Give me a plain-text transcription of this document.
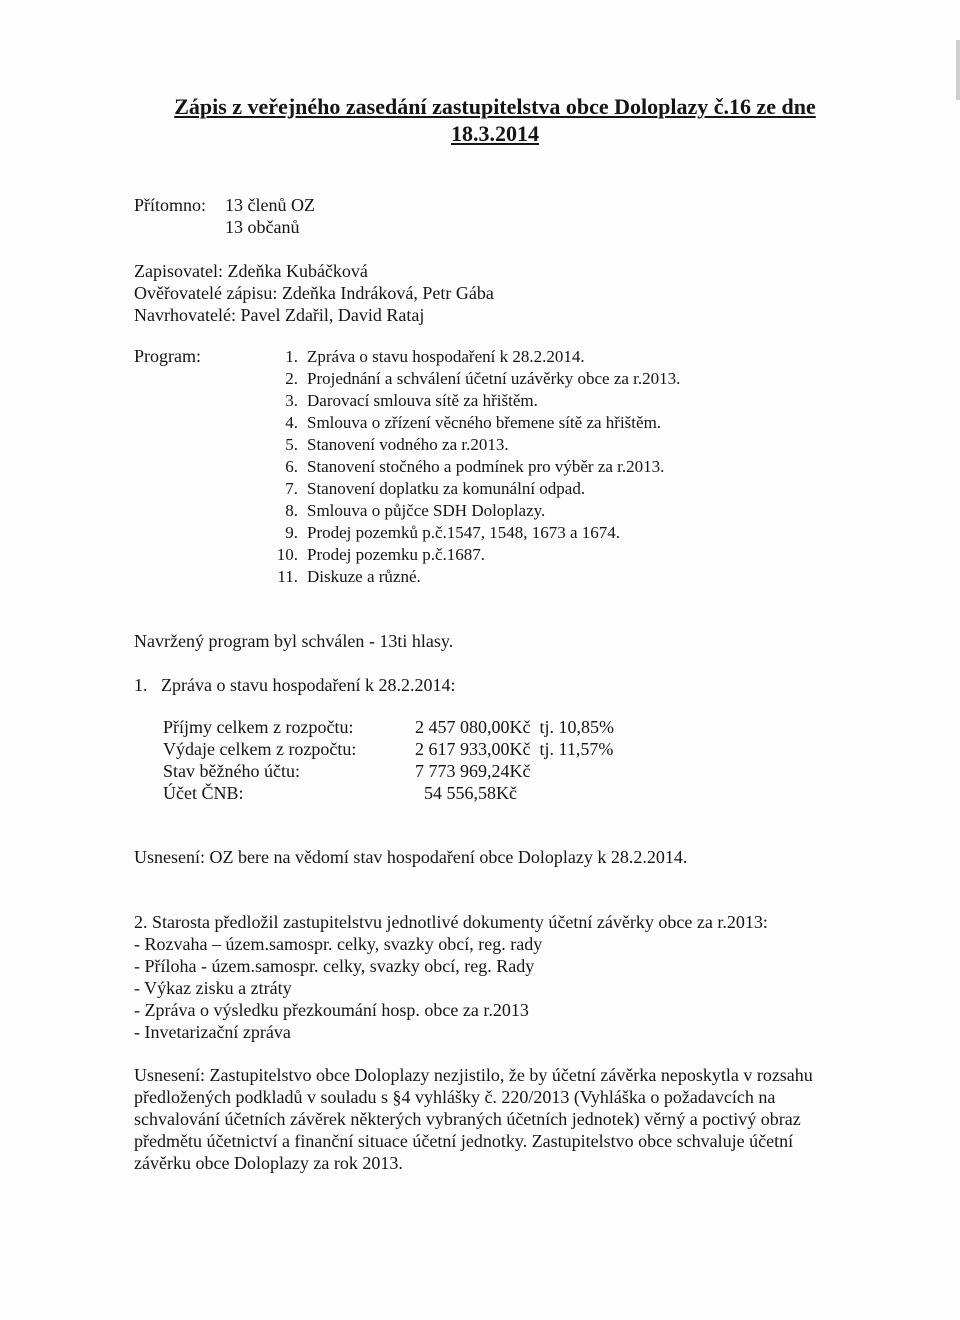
Zápis z veřejného zasedání zastupitelstva obce Doloplazy č.16 ze dne
18.3.2014
Přítomno: 13 členů OZ
13 občanů
Zapisovatel: Zdeňka Kubáčková
Ověřovatelé zápisu: Zdeňka Indráková, Petr Gába
Navrhovatelé: Pavel Zdařil, David Rataj
Program:	1. Zpráva o stavu hospodaření k 28.2.2014.
2. Projednání a schválení účetní uzávěrky obce za r.2013.
3. Darovací smlouva sítě za hřištěm.
4. Smlouva o zřízení věcného břemene sítě za hřištěm.
5. Stanovení vodného za r.2013.
6. Stanovení stočného a podmínek pro výběr za r.2013.
7. Stanovení doplatku za komunální odpad.
8. Smlouva o půjčce SDH Doloplazy.
9. Prodej pozemků p.č.1547, 1548, 1673 a 1674.
10. Prodej pozemku p.č.1687.
11. Diskuze a různé.
Navržený program byl schválen - 13ti hlasy.
1.   Zpráva o stavu hospodaření k 28.2.2014:
Příjmy celkem z rozpočtu:	2 457 080,00Kč  tj. 10,85%
Výdaje celkem z rozpočtu:	2 617 933,00Kč  tj. 11,57%
Stav běžného účtu:	7 773 969,24Kč
Účet ČNB:	54 556,58Kč
Usnesení: OZ bere na vědomí stav hospodaření obce Doloplazy k 28.2.2014.
2. Starosta předložil zastupitelstvu jednotlivé dokumenty účetní závěrky obce za r.2013:
- Rozvaha – územ.samospr. celky, svazky obcí, reg. rady
- Příloha - územ.samospr. celky, svazky obcí, reg. Rady
- Výkaz zisku a ztráty
- Zpráva o výsledku přezkoumání hosp. obce za r.2013
- Invetarizační zpráva
Usnesení: Zastupitelstvo obce Doloplazy nezjistilo, že by účetní závěrka neposkytla v rozsahu předložených podkladů v souladu s §4 vyhlášky č. 220/2013 (Vyhláška o požadavcích na schvalování účetních závěrek některých vybraných účetních jednotek) věrný a poctivý obraz předmětu účetnictví a finanční situace účetní jednotky. Zastupitelstvo obce schvaluje účetní závěrku obce Doloplazy za rok 2013.
